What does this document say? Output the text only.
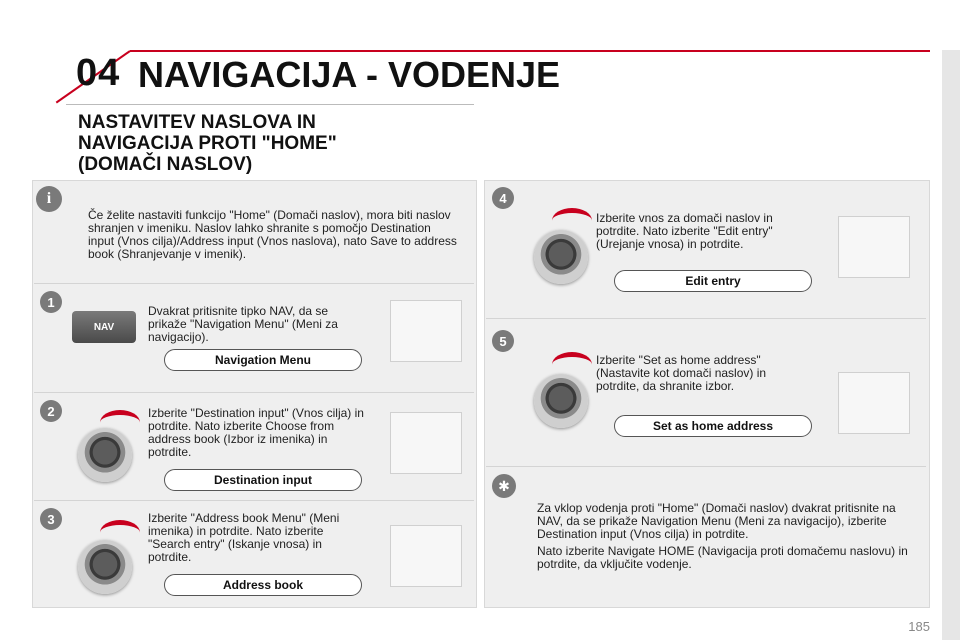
04 NAVIGACIJA - VODENJE
NASTAVITEV NASLOVA IN
NAVIGACIJA PROTI "HOME"
(DOMAČI NASLOV)
i
Če želite nastaviti funkcijo "Home" (Domači naslov), mora biti naslov shranjen v imeniku. Naslov lahko shranite s pomočjo Destination input (Vnos cilja)/Address input (Vnos naslova), nato Save to address book (Shranjevanje v imenik).
1
NAV
Dvakrat pritisnite tipko NAV, da se prikaže "Navigation Menu" (Meni za navigacijo).
Navigation Menu
2	Izberite "Destination input" (Vnos cilja) in potrdite. Nato izberite Choose from address book (Izbor iz imenika) in potrdite.
Destination input
3	Izberite "Address book Menu" (Meni imenika) in potrdite. Nato izberite "Search entry" (Iskanje vnosa) in potrdite.
Address book
4
Izberite vnos za domači naslov in potrdite. Nato izberite "Edit entry" (Urejanje vnosa) in potrdite.
Edit entry
5
Izberite "Set as home address" (Nastavite kot domači naslov) in potrdite, da shranite izbor.
Set as home address
✱
Za vklop vodenja proti "Home" (Domači naslov) dvakrat pritisnite na NAV, da se prikaže Navigation Menu (Meni za navigacijo), izberite Destination input (Vnos cilja) in potrdite.
Nato izberite Navigate HOME (Navigacija proti domačemu naslovu) in potrdite, da vključite vodenje.
185
